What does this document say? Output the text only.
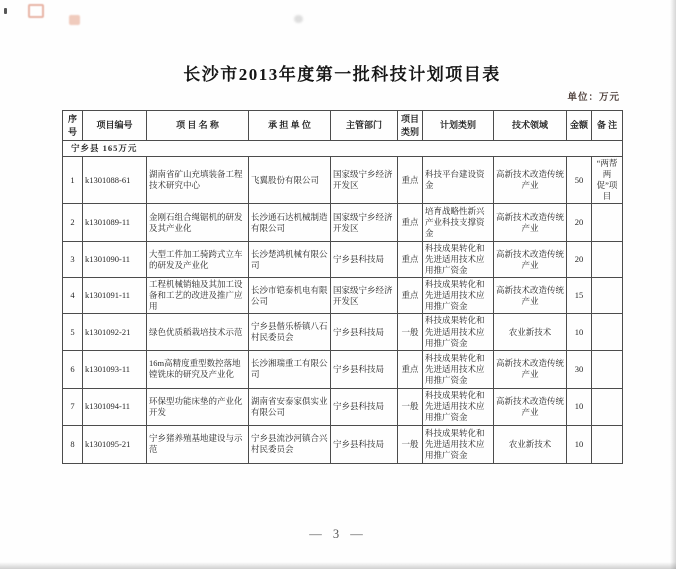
长沙市2013年度第一批科技计划项目表
单位：万元
序号	项目编号	项 目 名 称	承 担 单 位	主管部门	项目类别	计划类别	技术领域	金额	备 注
宁乡县 165万元									
1	k1301088-61	湖南省矿山充填装备工程技术研究中心	飞翼股份有限公司	国家级宁乡经济开发区	重点	科技平台建设资金	高新技术改造传统产业	50	“两帮两促”项目
2	k1301089-11	金刚石组合绳锯机的研发及其产业化	长沙通石达机械制造有限公司	国家级宁乡经济开发区	重点	培育战略性新兴产业科技支撑资金	高新技术改造传统产业	20	
3	k1301090-11	大型工件加工骑跨式立车的研发及产业化	长沙楚鸿机械有限公司	宁乡县科技局	重点	科技成果转化和先进适用技术应用推广资金	高新技术改造传统产业	20	
4	k1301091-11	工程机械销轴及其加工设备和工艺的改进及推广应用	长沙市铠泰机电有限公司	国家级宁乡经济开发区	重点	科技成果转化和先进适用技术应用推广资金	高新技术改造传统产业	15	
5	k1301092-21	绿色优质稻栽培技术示范	宁乡县偕乐桥镇八石村民委员会	宁乡县科技局	一般	科技成果转化和先进适用技术应用推广资金	农业新技术	10	
6	k1301093-11	16m高精度重型数控落地镗铣床的研究及产业化	长沙湘瑞重工有限公司	宁乡县科技局	重点	科技成果转化和先进适用技术应用推广资金	高新技术改造传统产业	30	
7	k1301094-11	环保型功能床垫的产业化开发	湖南省安泰家俱实业有限公司	宁乡县科技局	一般	科技成果转化和先进适用技术应用推广资金	高新技术改造传统产业	10	
8	k1301095-21	宁乡猪养殖基地建设与示范	宁乡县流沙河镇合兴村民委员会	宁乡县科技局	一般	科技成果转化和先进适用技术应用推广资金	农业新技术	10	
— 3 —
